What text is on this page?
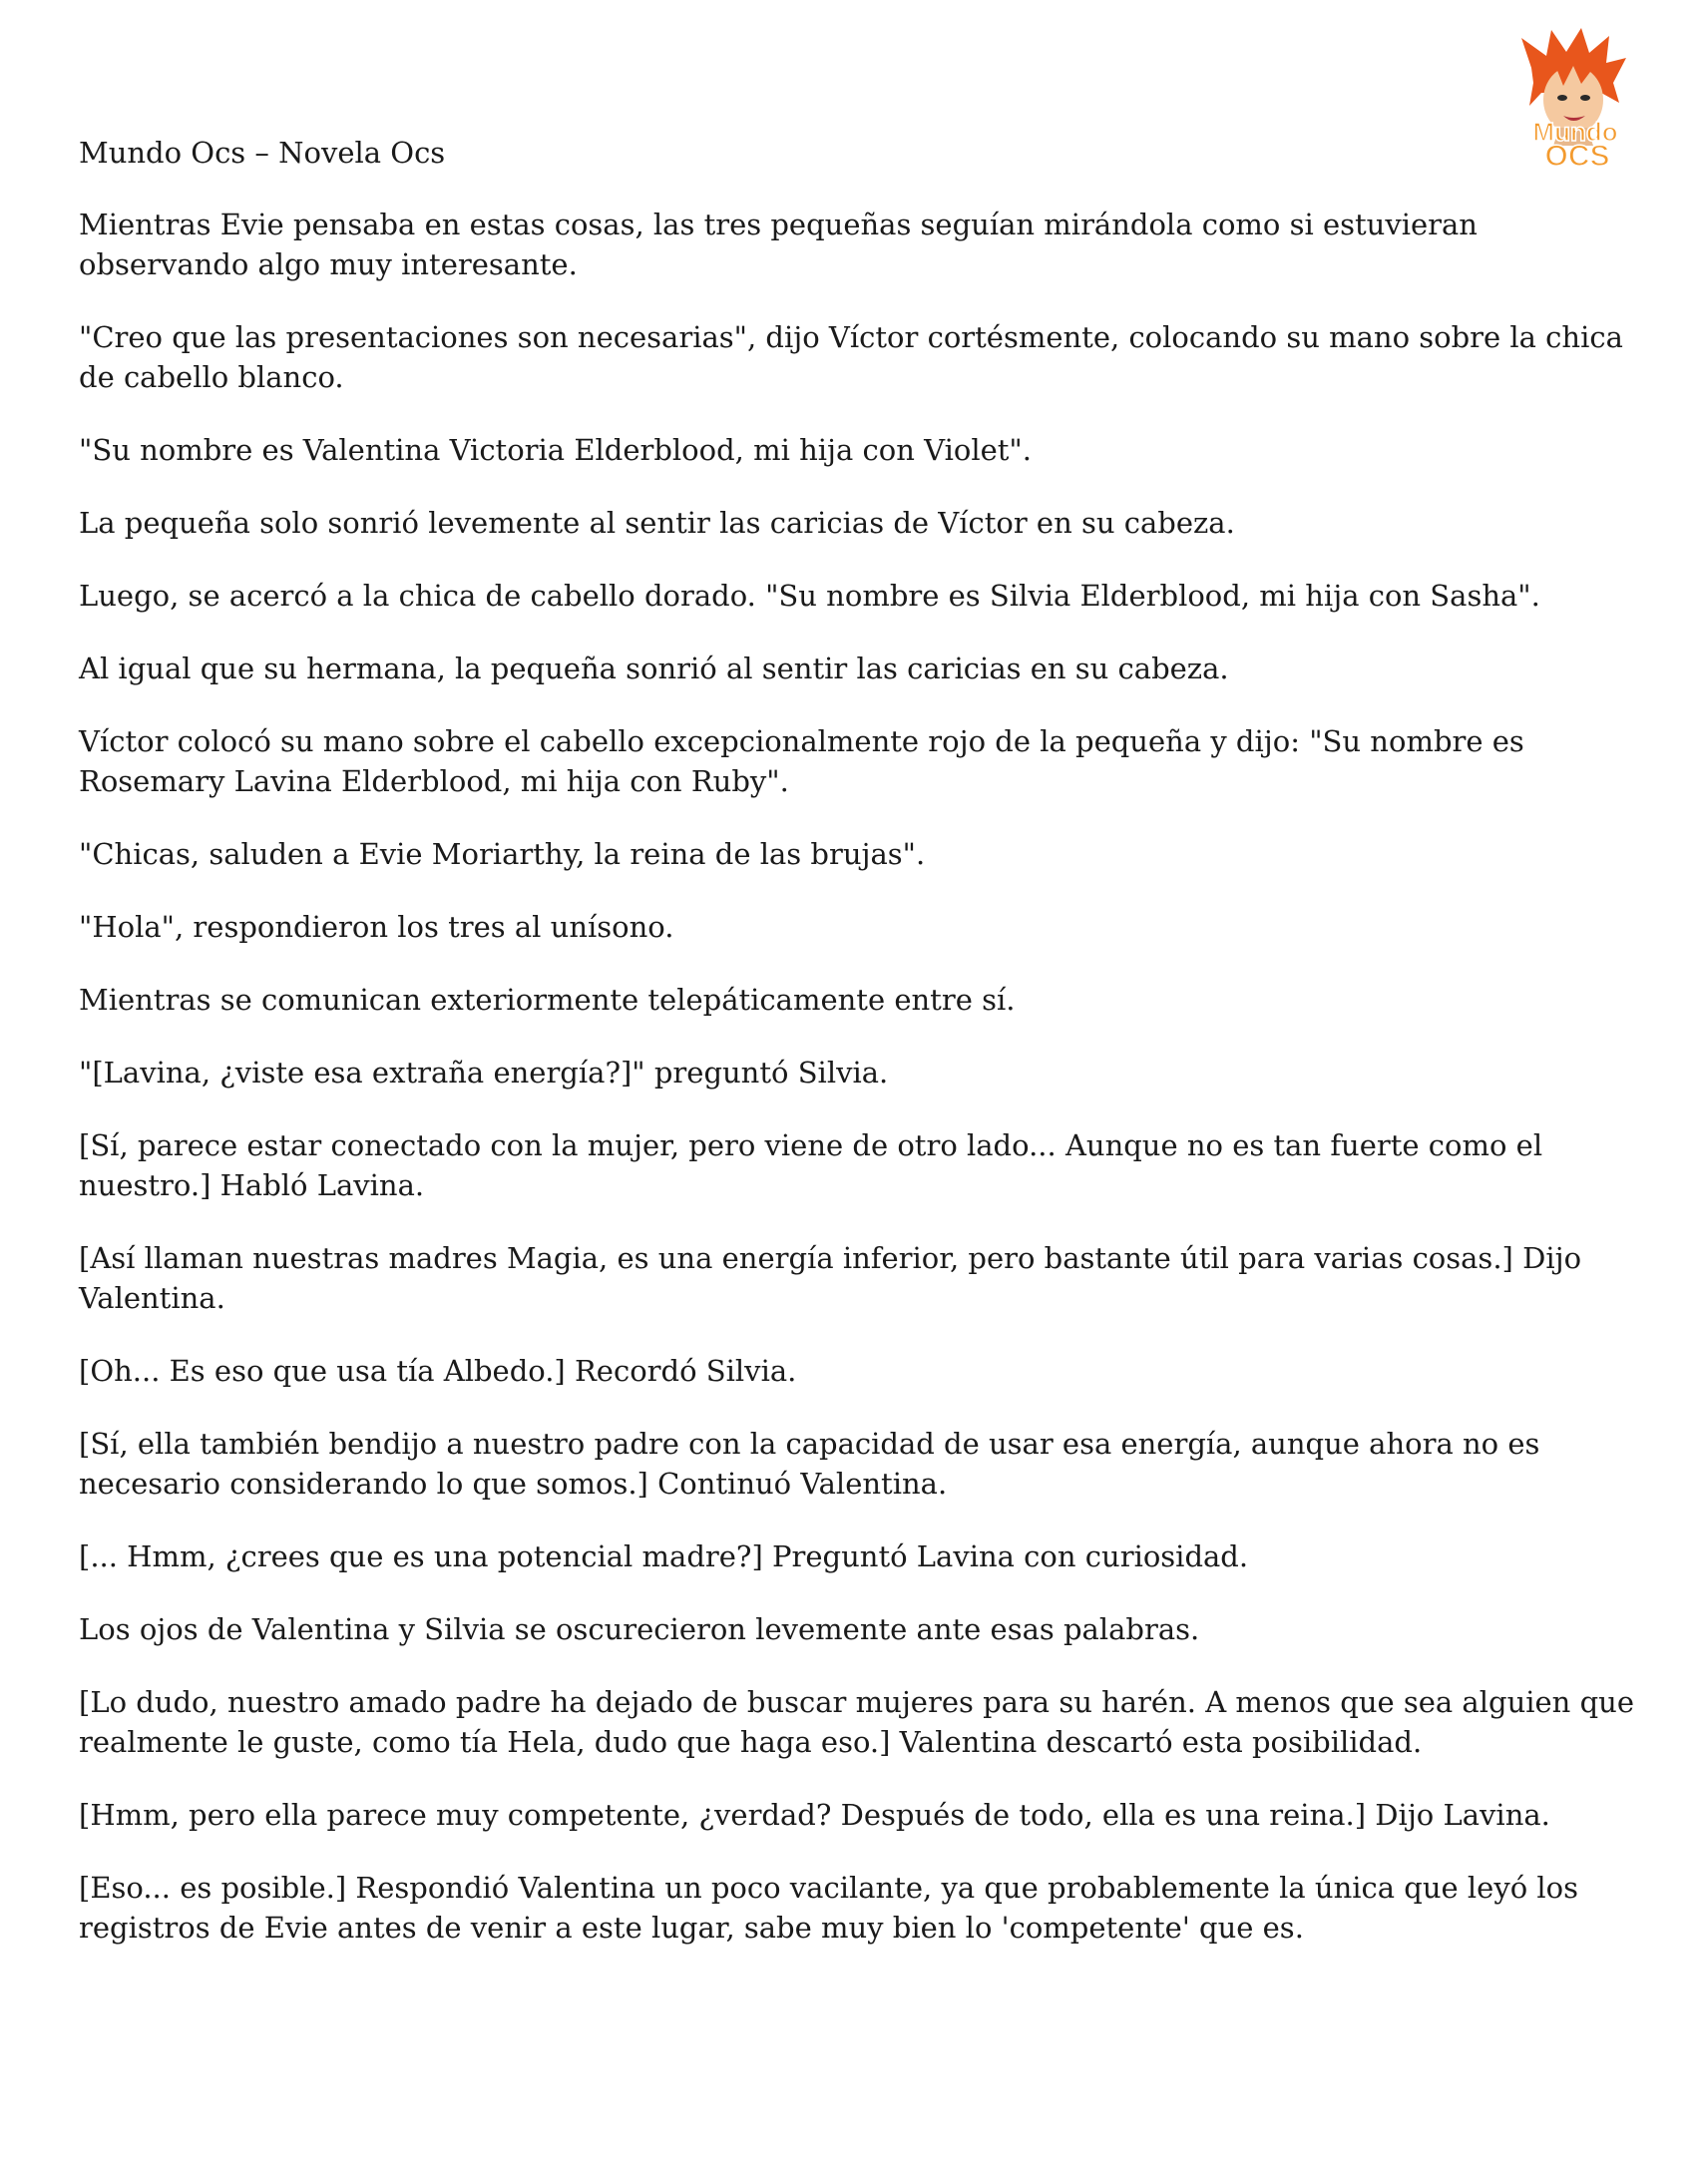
Mundo Ocs – Novela Ocs
Mundo
OCS

Mientras Evie pensaba en estas cosas, las tres pequeñas seguían mirándola como si estuvieran observando algo muy interesante.

"Creo que las presentaciones son necesarias", dijo Víctor cortésmente, colocando su mano sobre la chica de cabello blanco.

"Su nombre es Valentina Victoria Elderblood, mi hija con Violet".

La pequeña solo sonrió levemente al sentir las caricias de Víctor en su cabeza.

Luego, se acercó a la chica de cabello dorado. "Su nombre es Silvia Elderblood, mi hija con Sasha".

Al igual que su hermana, la pequeña sonrió al sentir las caricias en su cabeza.

Víctor colocó su mano sobre el cabello excepcionalmente rojo de la pequeña y dijo: "Su nombre es Rosemary Lavina Elderblood, mi hija con Ruby".

"Chicas, saluden a Evie Moriarthy, la reina de las brujas".

"Hola", respondieron los tres al unísono.

Mientras se comunican exteriormente telepáticamente entre sí.

"[Lavina, ¿viste esa extraña energía?]" preguntó Silvia.

[Sí, parece estar conectado con la mujer, pero viene de otro lado... Aunque no es tan fuerte como el nuestro.] Habló Lavina.

[Así llaman nuestras madres Magia, es una energía inferior, pero bastante útil para varias cosas.] Dijo Valentina.

[Oh... Es eso que usa tía Albedo.] Recordó Silvia.

[Sí, ella también bendijo a nuestro padre con la capacidad de usar esa energía, aunque ahora no es necesario considerando lo que somos.] Continuó Valentina.

[... Hmm, ¿crees que es una potencial madre?] Preguntó Lavina con curiosidad.

Los ojos de Valentina y Silvia se oscurecieron levemente ante esas palabras.

[Lo dudo, nuestro amado padre ha dejado de buscar mujeres para su harén. A menos que sea alguien que realmente le guste, como tía Hela, dudo que haga eso.] Valentina descartó esta posibilidad.

[Hmm, pero ella parece muy competente, ¿verdad? Después de todo, ella es una reina.] Dijo Lavina.

[Eso... es posible.] Respondió Valentina un poco vacilante, ya que probablemente la única que leyó los registros de Evie antes de venir a este lugar, sabe muy bien lo 'competente' que es.
